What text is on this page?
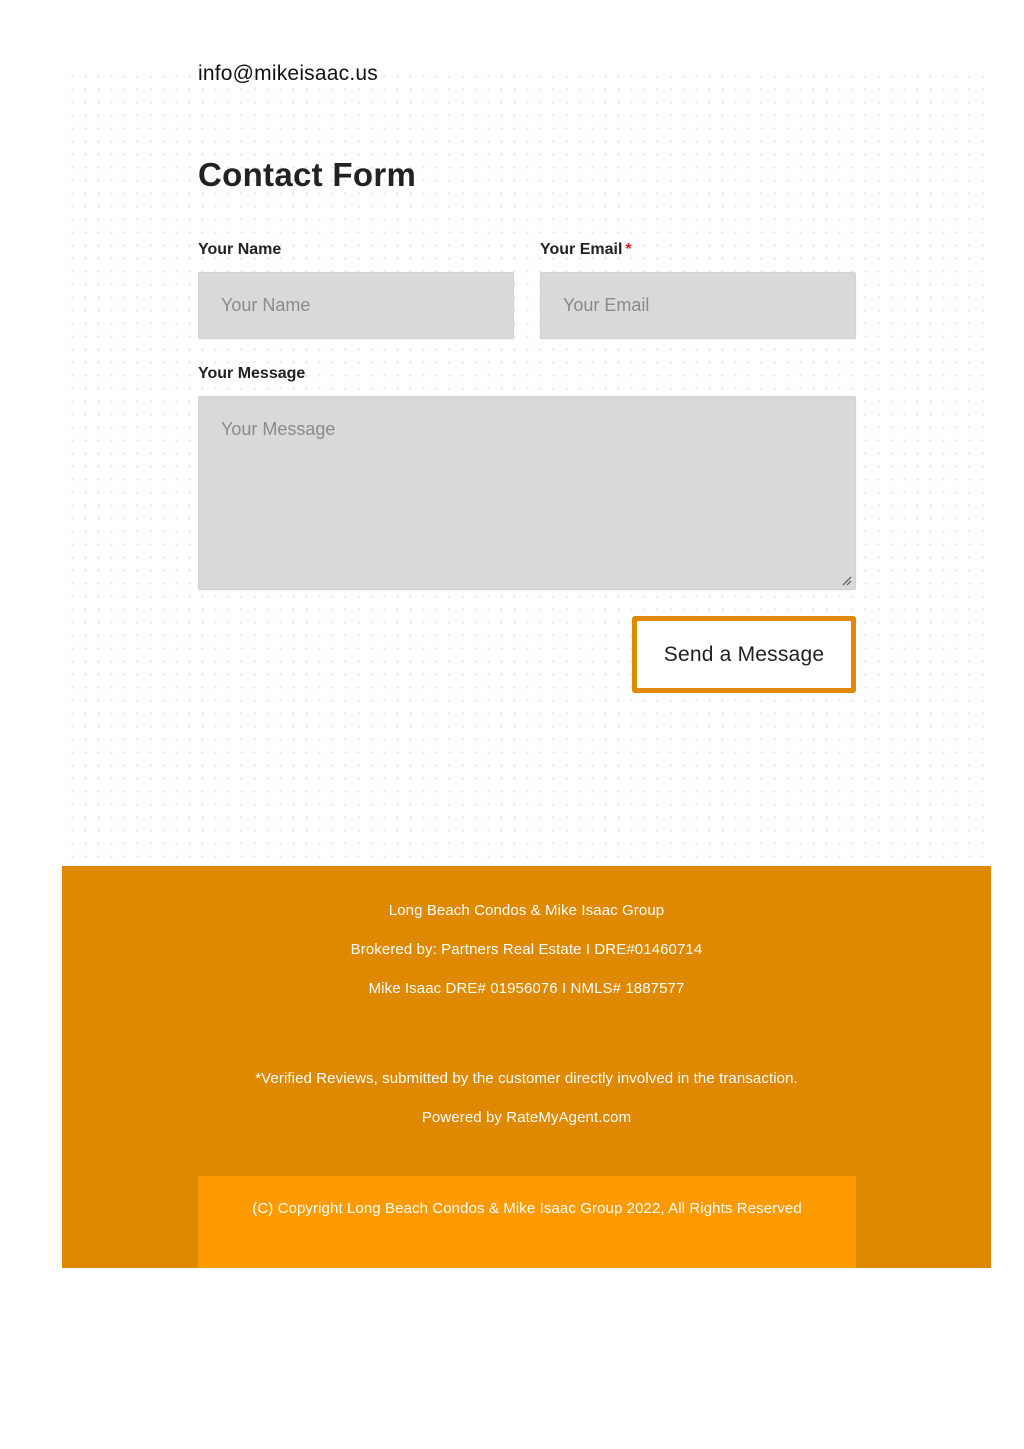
info@mikeisaac.us
Contact Form
Your Name
Your Name	Your Email *
Your Email
Your Message
Your Message
Send a Message
Long Beach Condos & Mike Isaac Group
Brokered by: Partners Real Estate I DRE#01460714
Mike Isaac DRE# 01956076 I NMLS# 1887577
*Verified Reviews, submitted by the customer directly involved in the transaction.
Powered by RateMyAgent.com
(C) Copyright Long Beach Condos & Mike Isaac Group 2022, All Rights Reserved
